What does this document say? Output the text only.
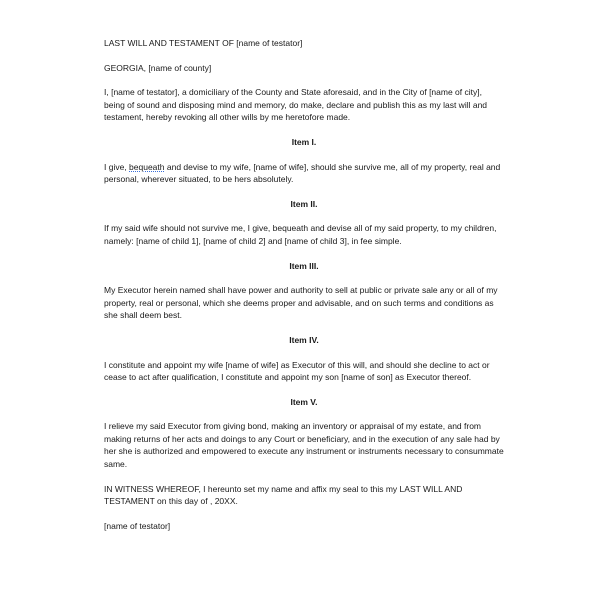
LAST WILL AND TESTAMENT OF [name of testator]

GEORGIA, [name of county]

I, [name of testator], a domiciliary of the County and State aforesaid, and in the City of [name of city], being of sound and disposing mind and memory, do make, declare and publish this as my last will and testament, hereby revoking all other wills by me heretofore made.

Item I.

I give, bequeath and devise to my wife, [name of wife], should she survive me, all of my property, real and personal, wherever situated, to be hers absolutely.

Item II.

If my said wife should not survive me, I give, bequeath and devise all of my said property, to my children, namely: [name of child 1], [name of child 2] and [name of child 3], in fee simple.

Item III.

My Executor herein named shall have power and authority to sell at public or private sale any or all of my property, real or personal, which she deems proper and advisable, and on such terms and conditions as she shall deem best.

Item IV.

I constitute and appoint my wife [name of wife] as Executor of this will, and should she decline to act or cease to act after qualification, I constitute and appoint my son [name of son] as Executor thereof.

Item V.

I relieve my said Executor from giving bond, making an inventory or appraisal of my estate, and from making returns of her acts and doings to any Court or beneficiary, and in the execution of any sale had by her she is authorized and empowered to execute any instrument or instruments necessary to consummate same.

IN WITNESS WHEREOF, I hereunto set my name and affix my seal to this my LAST WILL AND TESTAMENT on this day of , 20XX.

[name of testator]
